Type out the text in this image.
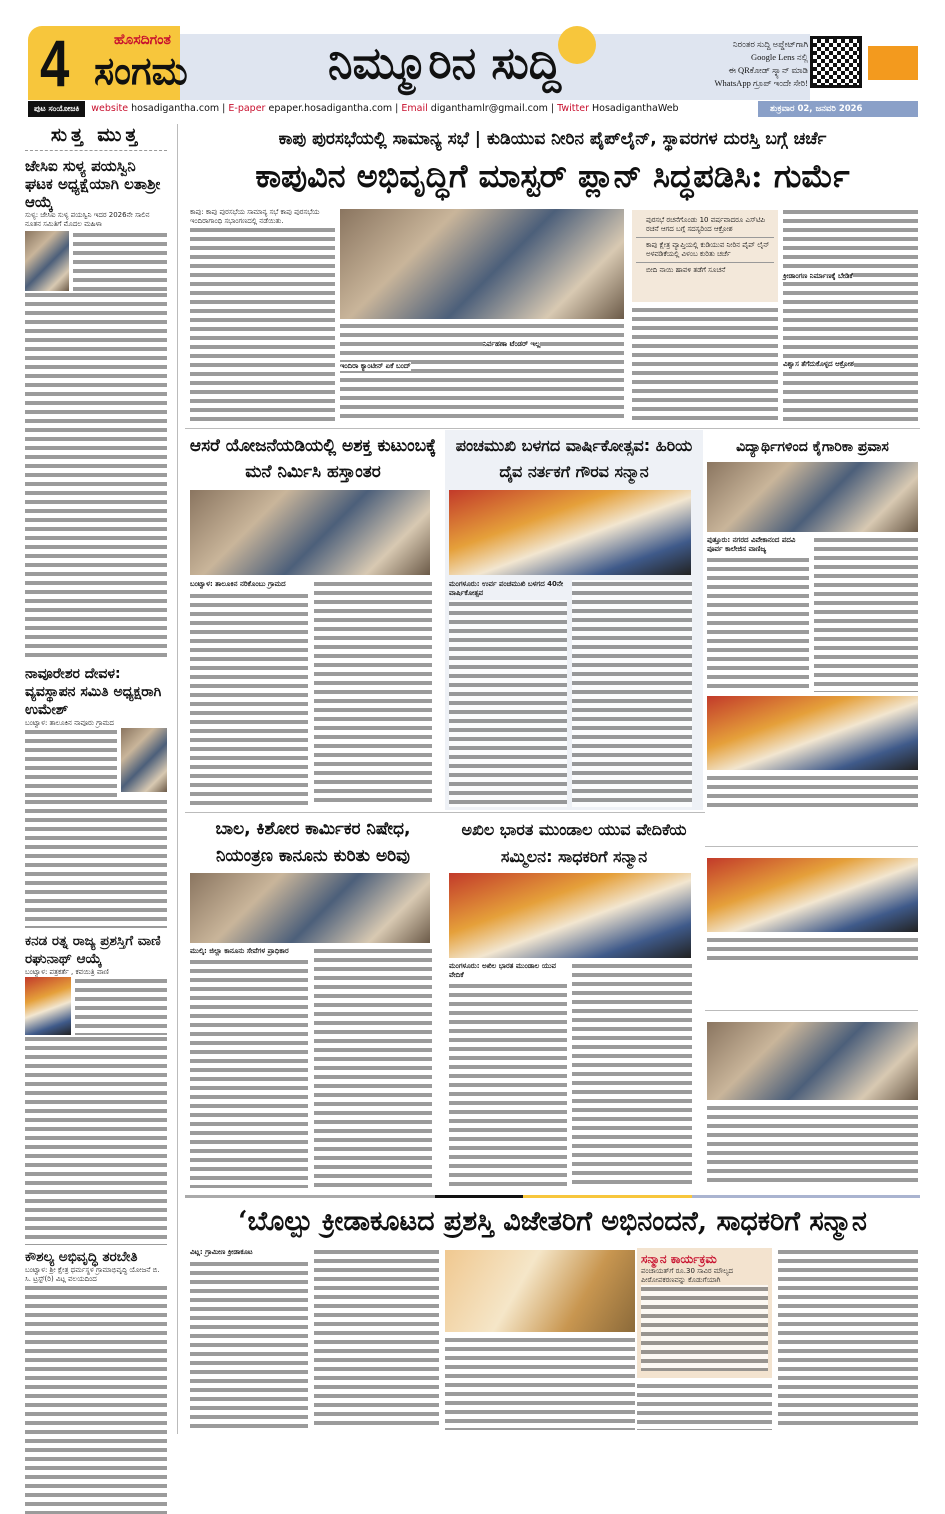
4	ಹೊಸದಿಗಂತ
ಸಂಗಮ	ನಿಮ್ಮೂರಿನ ಸುದ್ದಿ	ನಿರಂತರ ಸುದ್ದಿ ಅಪ್ಡೇಟ್‌ಗಾಗಿ
Google Lens ನಲ್ಲಿ
ಈ QRಕೋಡ್ ಸ್ಕ್ಯಾನ್ ಮಾಡಿ
WhatsApp ಗ್ರೂಪ್ ಇಂದೇ ಸೇರಿ!
ಪುಟ ಸಂಯೋಜಕಿ	website hosadigantha.com | E-paper epaper.hosadigantha.com | Email diganthamlr@gmail.com | Twitter HosadiganthaWeb	ಶುಕ್ರವಾರ 02, ಜನವರಿ 2026
ಸುತ್ತ ಮುತ್ತ
ಜೇಸಿಐ ಸುಳ್ಯ ಪಯಸ್ವಿನಿ ಘಟಕ ಅಧ್ಯಕ್ಷೆಯಾಗಿ ಲತಾಶ್ರೀ ಆಯ್ಕೆ
ಸುಳ್ಯ: ಜೇಸಿಐ ಸುಳ್ಯ ಪಯಸ್ವಿನಿ ಇದರ 2026ನೇ ಸಾಲಿನ ನೂತನ ಸಮಿತಿಗೆ ಮೊದಲ ಮಹಿಳಾ
ನಾವೂರೇಶರ ದೇವಳ: ವ್ಯವಸ್ಥಾಪನ ಸಮಿತಿ ಅಧ್ಯಕ್ಷರಾಗಿ ಉಮೇಶ್
ಬಂಟ್ವಾಳ: ತಾಲೂಕಿನ ನಾವೂರು ಗ್ರಾಮದ
ಕನಡ ರತ್ನ ರಾಜ್ಯ ಪ್ರಶಸ್ತಿಗೆ ವಾಣಿ ರಘುನಾಥ್ ಆಯ್ಕೆ
ಬಂಟ್ವಾಳ: ಪತ್ರಕರ್ತೆ , ಕವಯಿತ್ರಿ ವಾಣಿ
ಕೌಶಲ್ಯ ಅಭಿವೃದ್ಧಿ ತರಬೇತಿ
ಬಂಟ್ವಾಳ: ಶ್ರೀ ಕ್ಷೇತ್ರ ಧರ್ಮಸ್ಥಳ ಗ್ರಾಮಾಭಿವೃದ್ಧಿ ಯೋಜನೆ ಬಿ. ಸಿ. ಟ್ರಸ್ಟ್(ರಿ) ವಿಟ್ಲ ವಲಯದಿಂದ
ಕಾಪು ಪುರಸಭೆಯಲ್ಲಿ ಸಾಮಾನ್ಯ ಸಭೆ | ಕುಡಿಯುವ ನೀರಿನ ಪೈಪ್‌ಲೈನ್, ಸ್ಥಾವರಗಳ ದುರಸ್ತಿ ಬಗ್ಗೆ ಚರ್ಚೆ
ಕಾಪುವಿನ ಅಭಿವೃದ್ಧಿಗೆ ಮಾಸ್ಟರ್ ಪ್ಲಾನ್ ಸಿದ್ಧಪಡಿಸಿ: ಗುರ್ಮೆ
ಕಾಪು: ಕಾಪು ಪುರಸಭೆಯ ಸಾಮಾನ್ಯ ಸಭೆ ಕಾಪು ಪುರಸಭೆಯ ಇಂದಿರಾಗಾಂಧಿ ಸಭಾಂಗಣದಲ್ಲಿ ನಡೆಯಿತು.	ಪುರಸಭೆ ರಚನೆಗೊಂಡು 10 ವರ್ಷವಾದರೂ ಎಸ್‌ಟಿಪಿ ರಚನೆ ಆಗದ ಬಗ್ಗೆ ಸದಸ್ಯರಿಂದ ಆಕ್ರೋಶ
ಕಾಪು ಕ್ಷೇತ್ರ ವ್ಯಾಪ್ತಿಯಲ್ಲಿ ಕುಡಿಯುವ ನೀರಿನ ಪೈಪ್ ಲೈನ್ ಅಳವಡಿಕೆಯಲ್ಲಿ ವಿಳಂಬ ಕುರಿತು ಚರ್ಚೆ
ಬೀದಿ ನಾಯಿ ಹಾವಳಿ ತಡೆಗೆ ಸೂಚನೆ
ಕ್ರೀಡಾಂಗಣ ನಿರ್ಮಾಣಕ್ಕೆ ಬೇಡಿಕೆ
ವಿಶ್ವಾಸ ತೆಗೆದುಕೊಳ್ಳದ ಆಕ್ರೋಶ
ಇಂದಿರಾ ಕ್ಯಾಂಟೀನ್ ಏಕೆ ಬಂದ್
ನಿರ್ವಹಣಾ ಟೆಂಡರ್ ಇಲ್ಲ
ಆಸರೆ ಯೋಜನೆಯಡಿಯಲ್ಲಿ ಅಶಕ್ತ ಕುಟುಂಬಕ್ಕೆ ಮನೆ ನಿರ್ಮಿಸಿ ಹಸ್ತಾಂತರ
ಬಂಟ್ವಾಳ: ತಾಲೂಕಿನ ನರಿಕೊಂಬು ಗ್ರಾಮದ
ಪಂಚಮುಖಿ ಬಳಗದ ವಾರ್ಷಿಕೋತ್ಸವ: ಹಿರಿಯ ದೈವ ನರ್ತಕಗೆ ಗೌರವ ಸನ್ಮಾನ
ಮಂಗಳೂರು: ಉರ್ವ ಪಂಚಮುಖಿ ಬಳಗದ 40ನೇ ವಾರ್ಷಿಕೋತ್ಸವ
ವಿದ್ಯಾರ್ಥಿಗಳಿಂದ ಕೈಗಾರಿಕಾ ಪ್ರವಾಸ
ಪುತ್ತೂರು: ನಗರದ ವಿವೇಕಾನಂದ ಪದವಿ ಪೂರ್ವ ಕಾಲೇಜಿನ ವಾಣಿಜ್ಯ
ಬಾಲ, ಕಿಶೋರ ಕಾರ್ಮಿಕರ ನಿಷೇಧ, ನಿಯಂತ್ರಣ ಕಾನೂನು ಕುರಿತು ಅರಿವು
ಮುಲ್ಕಿ: ಜಿಲ್ಲಾ ಕಾನೂನು ಸೇವೆಗಳ ಪ್ರಾಧಿಕಾರ
ಅಖಿಲ ಭಾರತ ಮುಂಡಾಲ ಯುವ ವೇದಿಕೆಯ ಸಮ್ಮಿಲನ: ಸಾಧಕರಿಗೆ ಸನ್ಮಾನ
ಮಂಗಳೂರು: ಅಖಿಲ ಭಾರತ ಮುಂಡಾಲ ಯುವ ವೇದಿಕೆ
‘ಬೊಲ್ಪು ಕ್ರೀಡಾಕೂಟದ ಪ್ರಶಸ್ತಿ ವಿಜೇತರಿಗೆ ಅಭಿನಂದನೆ, ಸಾಧಕರಿಗೆ ಸನ್ಮಾನ
ವಿಟ್ಲ: ಗ್ರಾಮೀಣ ಕ್ರೀಡಾಕೂಟ	ಸನ್ಮಾನ ಕಾರ್ಯಕ್ರಮ
ಪಂಚಾಯತ್‌ಗೆ ರೂ.30 ಸಾವಿರ ಮೌಲ್ಯದ ಪೀಠೋಪಕರಣವನ್ನು ಕೊಡುಗೆಯಾಗಿ
